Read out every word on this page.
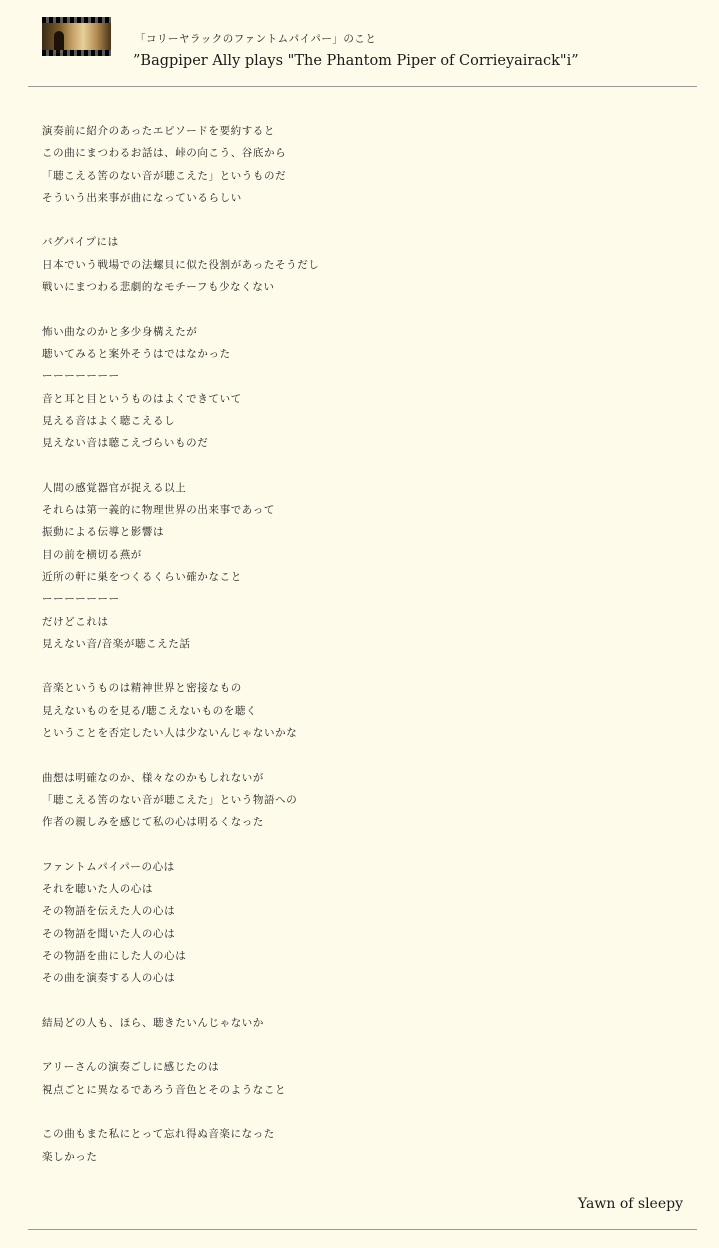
「コリーヤラックのファントムパイパー」のこと
”Bagpiper Ally plays "The Phantom Piper of Corrieyairack"i”
演奏前に紹介のあったエピソードを要約すると
この曲にまつわるお話は、峠の向こう、谷底から
「聴こえる筈のない音が聴こえた」というものだ
そういう出来事が曲になっているらしい
バグパイプには
日本でいう戦場での法螺貝に似た役割があったそうだし
戦いにまつわる悲劇的なモチーフも少なくない
怖い曲なのかと多少身構えたが
聴いてみると案外そうはではなかった
ーーーーーーー
音と耳と目というものはよくできていて
見える音はよく聴こえるし
見えない音は聴こえづらいものだ
人間の感覚器官が捉える以上
それらは第一義的に物理世界の出来事であって
振動による伝導と影響は
目の前を横切る燕が
近所の軒に巣をつくるくらい確かなこと
ーーーーーーー
だけどこれは
見えない音/音楽が聴こえた話
音楽というものは精神世界と密接なもの
見えないものを見る/聴こえないものを聴く
ということを否定したい人は少ないんじゃないかな
曲想は明確なのか、様々なのかもしれないが
「聴こえる筈のない音が聴こえた」という物語への
作者の親しみを感じて私の心は明るくなった
ファントムパイパーの心は
それを聴いた人の心は
その物語を伝えた人の心は
その物語を聞いた人の心は
その物語を曲にした人の心は
その曲を演奏する人の心は
結局どの人も、ほら、聴きたいんじゃないか
アリーさんの演奏ごしに感じたのは
視点ごとに異なるであろう音色とそのようなこと
この曲もまた私にとって忘れ得ぬ音楽になった
楽しかった
Yawn of sleepy
